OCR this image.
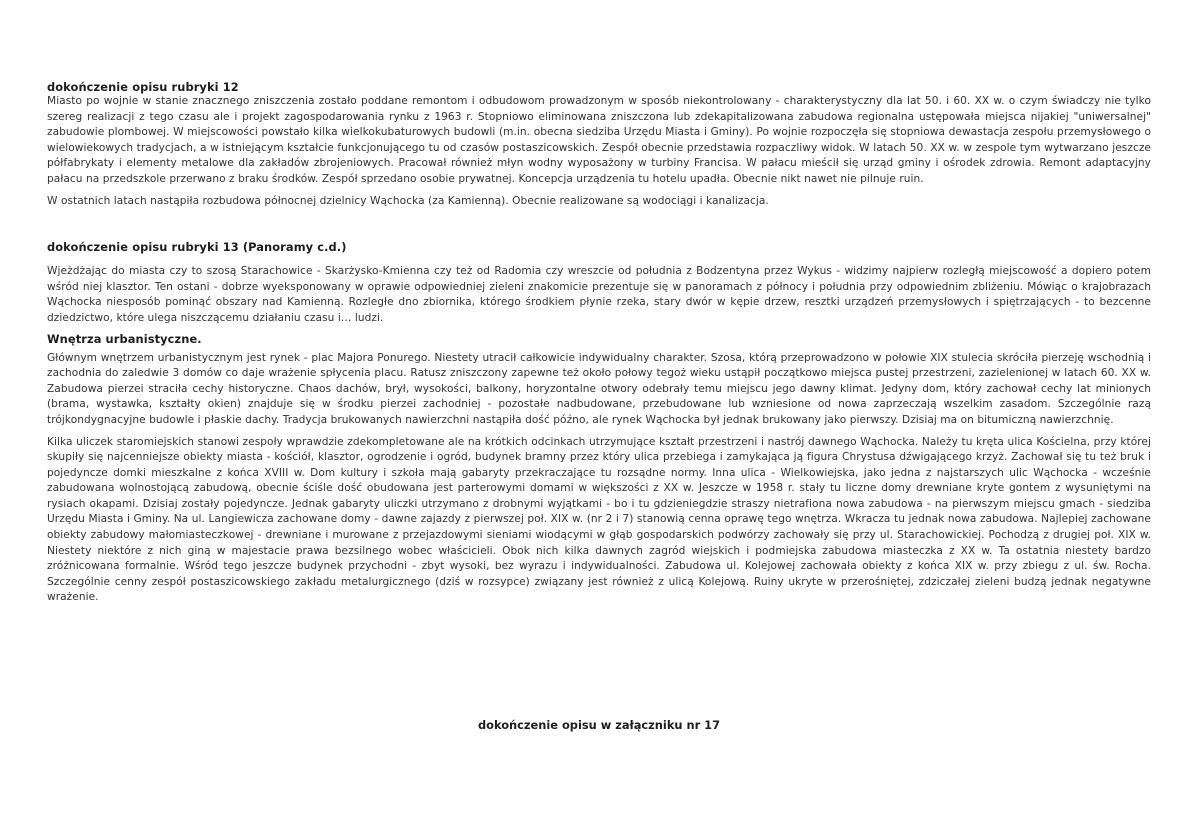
dokończenie opisu rubryki 12

Miasto po wojnie w stanie znacznego zniszczenia zostało poddane remontom i odbudowom prowadzonym w sposób niekontrolowany - charakterystyczny dla lat 50. i 60. XX w. o czym świadczy nie tylko szereg realizacji z tego czasu ale i projekt zagospodarowania rynku z 1963 r. Stopniowo eliminowana zniszczona lub zdekapitalizowana zabudowa regionalna ustępowała miejsca nijakiej "uniwersalnej" zabudowie plombowej. W miejscowości powstało kilka wielkokubaturowych budowli (m.in. obecna siedziba Urzędu Miasta i Gminy). Po wojnie rozpoczęła się stopniowa dewastacja zespołu przemysłowego o wielowiekowych tradycjach, a w istniejącym kształcie funkcjonującego tu od czasów postaszicowskich. Zespół obecnie przedstawia rozpaczliwy widok. W latach 50. XX w. w zespole tym wytwarzano jeszcze półfabrykaty i elementy metalowe dla zakładów zbrojeniowych. Pracował również młyn wodny wyposażony w turbiny Francisa. W pałacu mieścił się urząd gminy i ośrodek zdrowia. Remont adaptacyjny pałacu na przedszkole przerwano z braku środków. Zespół sprzedano osobie prywatnej. Koncepcja urządzenia tu hotelu upadła. Obecnie nikt nawet nie pilnuje ruin.

W ostatnich latach nastąpiła rozbudowa północnej dzielnicy Wąchocka (za Kamienną). Obecnie realizowane są wodociągi i kanalizacja.

dokończenie opisu rubryki 13 (Panoramy c.d.)

Wjeżdżając do miasta czy to szosą Starachowice - Skarżysko-Kmienna czy też od Radomia czy wreszcie od południa z Bodzentyna przez Wykus - widzimy najpierw rozległą miejscowość a dopiero potem wśród niej klasztor. Ten ostani - dobrze wyeksponowany w oprawie odpowiedniej zieleni znakomicie prezentuje się w panoramach z północy i południa przy odpowiednim zbliżeniu. Mówiąc o krajobrazach Wąchocka niesposób pominąć obszary nad Kamienną. Rozległe dno zbiornika, którego środkiem płynie rzeka, stary dwór w kępie drzew, resztki urządzeń przemysłowych i spiętrzających - to bezcenne dziedzictwo, które ulega niszczącemu działaniu czasu i… ludzi.

Wnętrza urbanistyczne.

Głównym wnętrzem urbanistycznym jest rynek - plac Majora Ponurego. Niestety utracił całkowicie indywidualny charakter. Szosa, którą przeprowadzono w połowie XIX stulecia skróciła pierzeję wschodnią i zachodnia do zaledwie 3 domów co daje wrażenie spłycenia placu. Ratusz zniszczony zapewne też około połowy tegoż wieku ustąpił początkowo miejsca pustej przestrzeni, zazielenionej w latach 60. XX w. Zabudowa pierzei straciła cechy historyczne. Chaos dachów, brył, wysokości, balkony, horyzontalne otwory odebrały temu miejscu jego dawny klimat. Jedyny dom, który zachował cechy lat minionych (brama, wystawka, kształty okien) znajduje się w środku pierzei zachodniej - pozostałe nadbudowane, przebudowane lub wzniesione od nowa zaprzeczają wszelkim zasadom. Szczególnie razą trójkondygnacyjne budowle i płaskie dachy. Tradycja brukowanych nawierzchni nastąpiła dość późno, ale rynek Wąchocka był jednak brukowany jako pierwszy. Dzisiaj ma on bitumiczną nawierzchnię.

Kilka uliczek staromiejskich stanowi zespoły wprawdzie zdekompletowane ale na krótkich odcinkach utrzymujące kształt przestrzeni i nastrój dawnego Wąchocka. Należy tu kręta ulica Kościelna, przy której skupiły się najcenniejsze obiekty miasta - kościół, klasztor, ogrodzenie i ogród, budynek bramny przez który ulica przebiega i zamykająca ją figura Chrystusa dźwigającego krzyż. Zachował się tu też bruk i pojedyncze domki mieszkalne z końca XVIII w. Dom kultury i szkoła mają gabaryty przekraczające tu rozsądne normy. Inna ulica - Wielkowiejska, jako jedna z najstarszych ulic Wąchocka - wcześnie zabudowana wolnostojącą zabudową, obecnie ściśle dość obudowana jest parterowymi domami w większości z XX w. Jeszcze w 1958 r. stały tu liczne domy drewniane kryte gontem z wysuniętymi na rysiach okapami. Dzisiaj zostały pojedyncze. Jednak gabaryty uliczki utrzymano z drobnymi wyjątkami - bo i tu gdzieniegdzie straszy nietrafiona nowa zabudowa - na pierwszym miejscu gmach - siedziba Urzędu Miasta i Gminy. Na ul. Langiewicza zachowane domy - dawne zajazdy z pierwszej poł. XIX w. (nr 2 i 7) stanowią cenna oprawę tego wnętrza. Wkracza tu jednak nowa zabudowa. Najlepiej zachowane obiekty zabudowy małomiasteczkowej - drewniane i murowane z przejazdowymi sieniami wiodącymi w głąb gospodarskich podwórzy zachowały się przy ul. Starachowickiej. Pochodzą z drugiej poł. XIX w. Niestety niektóre z nich giną w majestacie prawa bezsilnego wobec właścicieli. Obok nich kilka dawnych zagród wiejskich i podmiejska zabudowa miasteczka z XX w. Ta ostatnia niestety bardzo zróżnicowana formalnie. Wśród tego jeszcze budynek przychodni - zbyt wysoki, bez wyrazu i indywidualności. Zabudowa ul. Kolejowej zachowała obiekty z końca XIX w. przy zbiegu z ul. św. Rocha. Szczególnie cenny zespół postaszicowskiego zakładu metalurgicznego (dziś w rozsypce) związany jest również z ulicą Kolejową. Ruiny ukryte w przerośniętej, zdziczałej zieleni budzą jednak negatywne wrażenie.

dokończenie opisu w załączniku nr 17
